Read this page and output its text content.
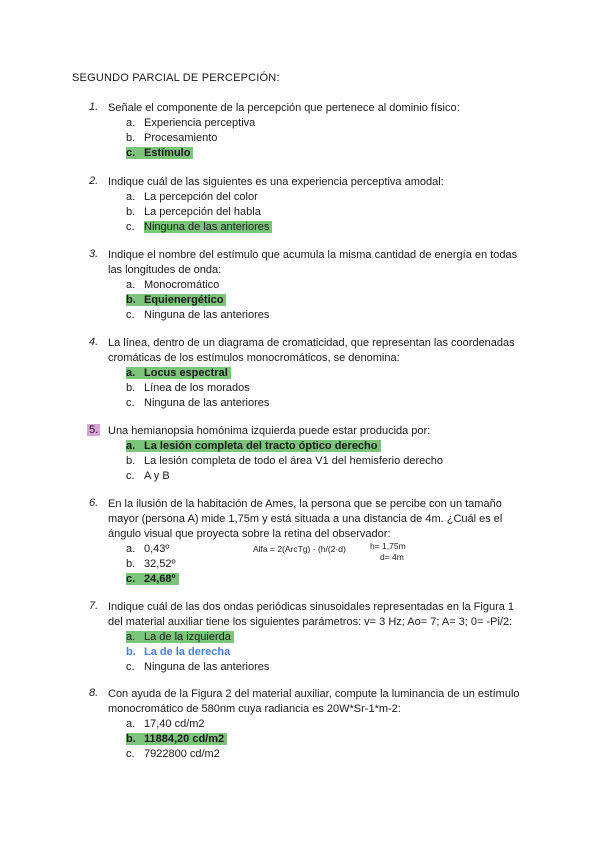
SEGUNDO PARCIAL DE PERCEPCIÓN:
1. Señale el componente de la percepción que pertenece al dominio físico:
a. Experiencia perceptiva
b. Procesamiento
c. Estímulo
2. Indique cuál de las siguientes es una experiencia perceptiva amodal:
a. La percepción del color
b. La percepción del habla
c. Ninguna de las anteriores
3. Indique el nombre del estímulo que acumula la misma cantidad de energía en todas
las longitudes de onda:
a. Monocromático
b. Equienergético
c. Ninguna de las anteriores
4. La línea, dentro de un diagrama de cromaticidad, que representan las coordenadas
cromáticas de los estímulos monocromáticos, se denomina:
a. Locus espectral
b. Línea de los morados
c. Ninguna de las anteriores
5. Una hemianopsia homónima izquierda puede estar producida por:
a. La lesión completa del tracto óptico derecho
b. La lesión completa de todo el área V1 del hemisferio derecho
c. A y B
6. En la ilusión de la habitación de Ames, la persona que se percibe con un tamaño
mayor (persona A) mide 1,75m y está situada a una distancia de 4m. ¿Cuál es el
ángulo visual que proyecta sobre la retina del observador:
a. 0,43º
b. 32,52º
c. 24,68º
Alfa = 2(ArcTg) · (h/(2·d)	h= 1,75m
d= 4m
7. Indique cuál de las dos ondas periódicas sinusoidales representadas en la Figura 1
del material auxiliar tiene los siguientes parámetros: v= 3 Hz; Ao= 7; A= 3; 0= -Pi/2:
a. La de la izquierda
b. La de la derecha
c. Ninguna de las anteriores
8. Con ayuda de la Figura 2 del material auxiliar, compute la luminancia de un estímulo
monocromático de 580nm cuya radiancia es 20W*Sr-1*m-2:
a. 17,40 cd/m2
b. 11884,20 cd/m2
c. 7922800 cd/m2
